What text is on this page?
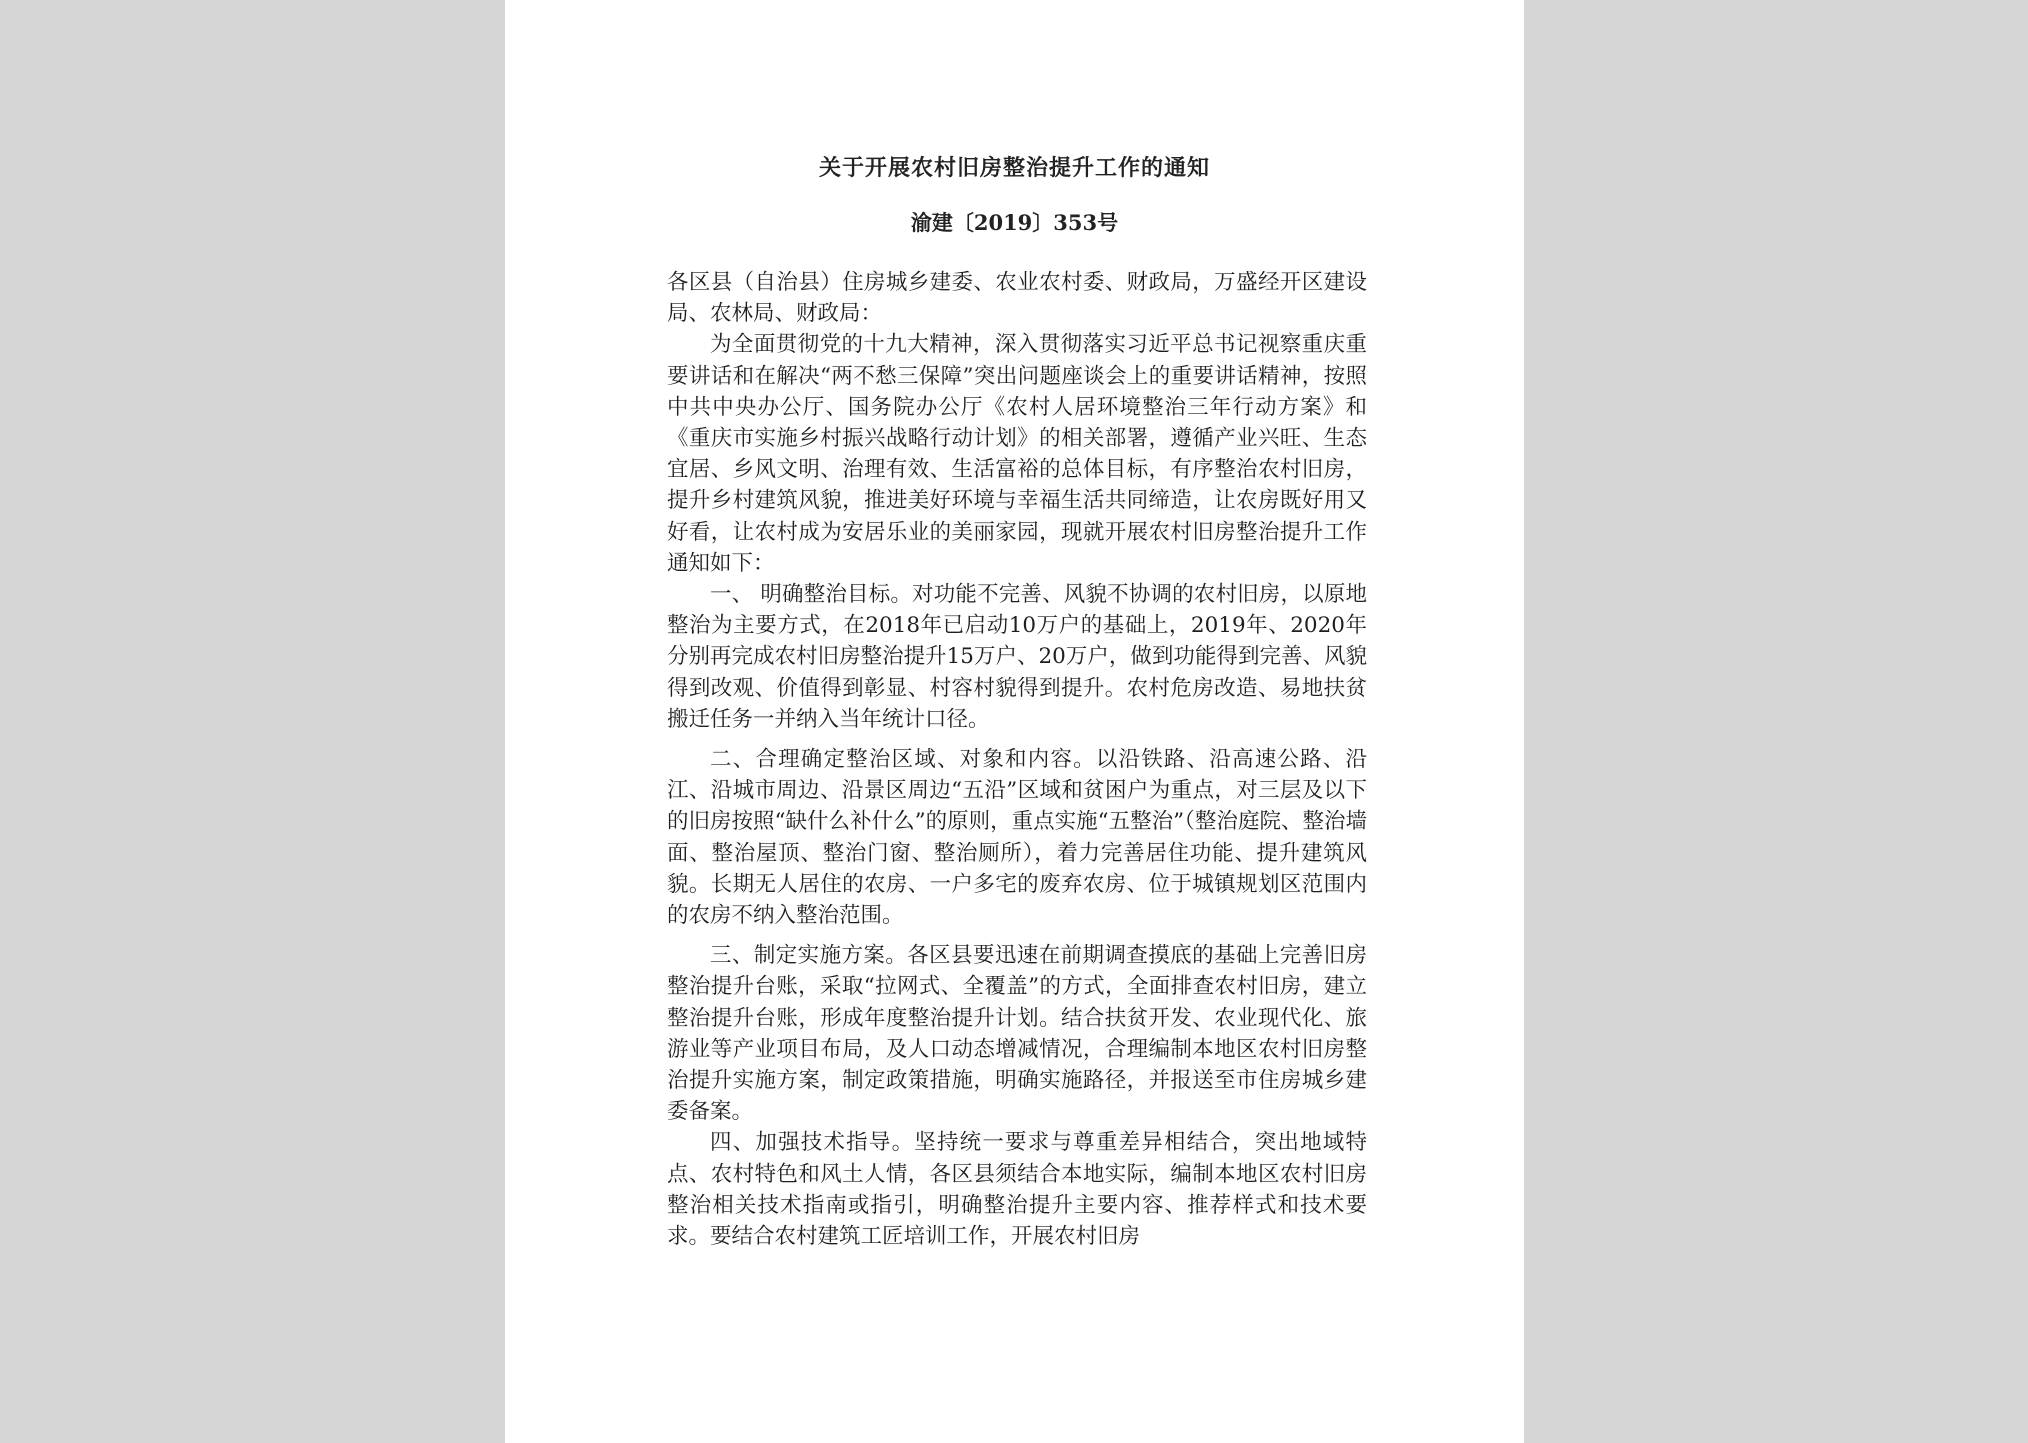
关于开展农村旧房整治提升工作的通知
渝建〔2019〕353号

各区县（自治县）住房城乡建委、农业农村委、财政局，万盛经开区建设局、农林局、财政局：

为全面贯彻党的十九大精神，深入贯彻落实习近平总书记视察重庆重要讲话和在解决“两不愁三保障”突出问题座谈会上的重要讲话精神，按照中共中央办公厅、国务院办公厅《农村人居环境整治三年行动方案》和《重庆市实施乡村振兴战略行动计划》的相关部署，遵循产业兴旺、生态宜居、乡风文明、治理有效、生活富裕的总体目标，有序整治农村旧房，提升乡村建筑风貌，推进美好环境与幸福生活共同缔造，让农房既好用又好看，让农村成为安居乐业的美丽家园，现就开展农村旧房整治提升工作通知如下：

一、 明确整治目标。对功能不完善、风貌不协调的农村旧房，以原地整治为主要方式，在2018年已启动10万户的基础上，2019年、2020年分别再完成农村旧房整治提升15万户、20万户，做到功能得到完善、风貌得到改观、价值得到彰显、村容村貌得到提升。农村危房改造、易地扶贫搬迁任务一并纳入当年统计口径。

二、合理确定整治区域、对象和内容。以沿铁路、沿高速公路、沿江、沿城市周边、沿景区周边“五沿”区域和贫困户为重点，对三层及以下的旧房按照“缺什么补什么”的原则，重点实施“五整治”（整治庭院、整治墙面、整治屋顶、整治门窗、整治厕所），着力完善居住功能、提升建筑风貌。长期无人居住的农房、一户多宅的废弃农房、位于城镇规划区范围内的农房不纳入整治范围。

三、制定实施方案。各区县要迅速在前期调查摸底的基础上完善旧房整治提升台账，采取“拉网式、全覆盖”的方式，全面排查农村旧房，建立整治提升台账，形成年度整治提升计划。结合扶贫开发、农业现代化、旅游业等产业项目布局，及人口动态增减情况，合理编制本地区农村旧房整治提升实施方案，制定政策措施，明确实施路径，并报送至市住房城乡建委备案。

四、加强技术指导。坚持统一要求与尊重差异相结合，突出地域特点、农村特色和风土人情，各区县须结合本地实际，编制本地区农村旧房整治相关技术指南或指引，明确整治提升主要内容、推荐样式和技术要求。要结合农村建筑工匠培训工作，开展农村旧房
